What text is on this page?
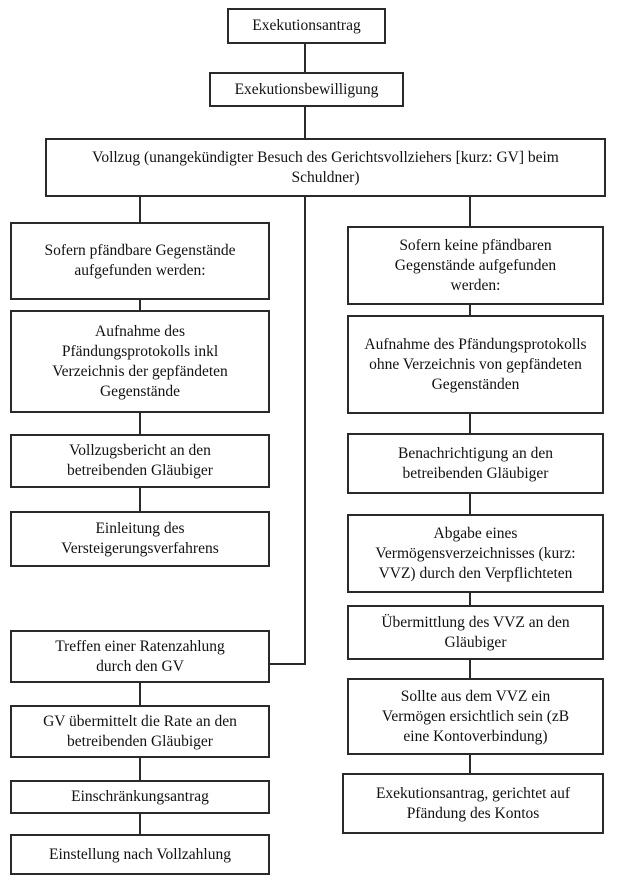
Exekutionsantrag
Exekutionsbewilligung
Vollzug (unangekündigter Besuch des Gerichtsvollziehers [kurz: GV] beim Schuldner)
Sofern pfändbare Gegenstände aufgefunden werden:
Aufnahme des Pfändungsprotokolls inkl Verzeichnis der gepfändeten Gegenstände
Vollzugsbericht an den betreibenden Gläubiger
Einleitung des Versteigerungsverfahrens
Treffen einer Ratenzahlung durch den GV
GV übermittelt die Rate an den betreibenden Gläubiger
Einschränkungsantrag
Einstellung nach Vollzahlung
Sofern keine pfändbaren Gegenstände aufgefunden werden:
Aufnahme des Pfändungsprotokolls ohne Verzeichnis von gepfändeten Gegenständen
Benachrichtigung an den betreibenden Gläubiger
Abgabe eines Vermögensverzeichnisses (kurz: VVZ) durch den Verpflichteten
Übermittlung des VVZ an den Gläubiger
Sollte aus dem VVZ ein Vermögen ersichtlich sein (zB eine Kontoverbindung)
Exekutionsantrag, gerichtet auf Pfändung des Kontos
